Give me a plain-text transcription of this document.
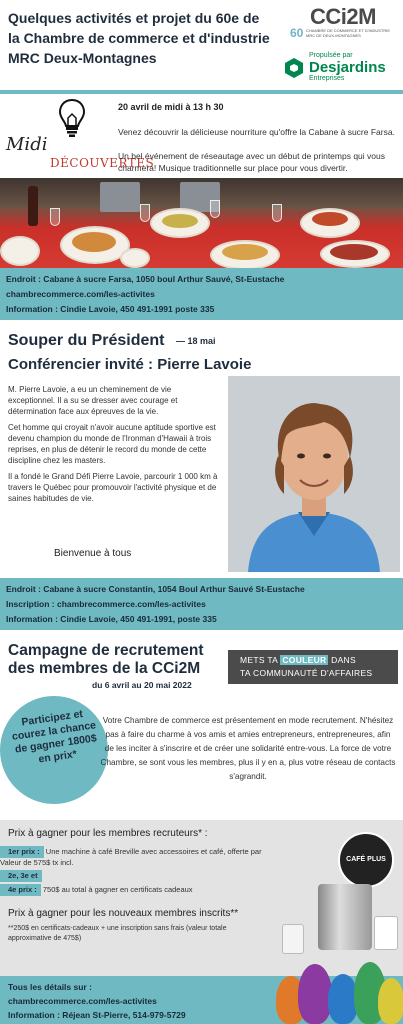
Quelques activités et projet du 60e de la Chambre de commerce et d'industrie MRC Deux-Montagnes
CCi2M
60 CHAMBRE DE COMMERCE ET D'INDUSTRIE MRC DE DEUX-MONTAGNES
Propulsée par
Desjardins
Entreprises
Midi
DÉCOUVERTES
20 avril de midi à 13 h 30
Venez découvrir la délicieuse nourriture qu'offre la Cabane à sucre Farsa.
Un bel événement de réseautage avec un début de printemps qui vous charmera! Musique traditionnelle sur place pour vous divertir.
Endroit : Cabane à sucre Farsa, 1050 boul Arthur Sauvé, St-Eustache
chambrecommerce.com/les-activites
Information : Cindie Lavoie, 450 491-1991 poste 335
Souper du Président — 18 mai
Conférencier invité : Pierre Lavoie

M. Pierre Lavoie, a eu un cheminement de vie exceptionnel. Il a su se dresser avec courage et détermination face aux épreuves de la vie.

Cet homme qui croyait n'avoir aucune aptitude sportive est devenu champion du monde de l'Ironman d'Hawaii à trois reprises, en plus de détenir le record du monde de cette discipline chez les masters.

Il a fondé le Grand Défi Pierre Lavoie, parcourir 1 000 km à travers le Québec pour promouvoir l'activité physique et de saines habitudes de vie.

Bienvenue à tous
Endroit : Cabane à sucre Constantin, 1054 Boul Arthur Sauvé St-Eustache
Inscription : chambrecommerce.com/les-activites
Information : Cindie Lavoie, 450 491-1991, poste 335
Campagne de recrutement des membres de la CCi2M
du 6 avril au 20 mai 2022
METS TA COULEUR DANS
TA COMMUNAUTÉ D'AFFAIRES
Participez et courez la chance de gagner 1800$ en prix*
Votre Chambre de commerce est présentement en mode recrutement. N'hésitez pas à faire du charme à vos amis et amies entrepreneurs, entrepreneures, afin de les inciter à s'inscrire et de créer une solidarité entre-vous. La force de votre Chambre, se sont vous les membres, plus il y en a, plus votre réseau de contacts s'agrandit.
Prix à gagner pour les membres recruteurs* :
1er prix : Une machine à café Breville avec accessoires et café, offerte par Valeur de 575$ tx incl.
2e, 3e et
4e prix : 750$ au total à gagner en certificats cadeaux
Prix à gagner pour les nouveaux membres inscrits**
**250$ en certificats-cadeaux + une inscription sans frais (valeur totale approximative de 475$)
CAFÉ PLUS
Tous les détails sur :
chambrecommerce.com/les-activites
Information : Réjean St-Pierre, 514-979-5729
